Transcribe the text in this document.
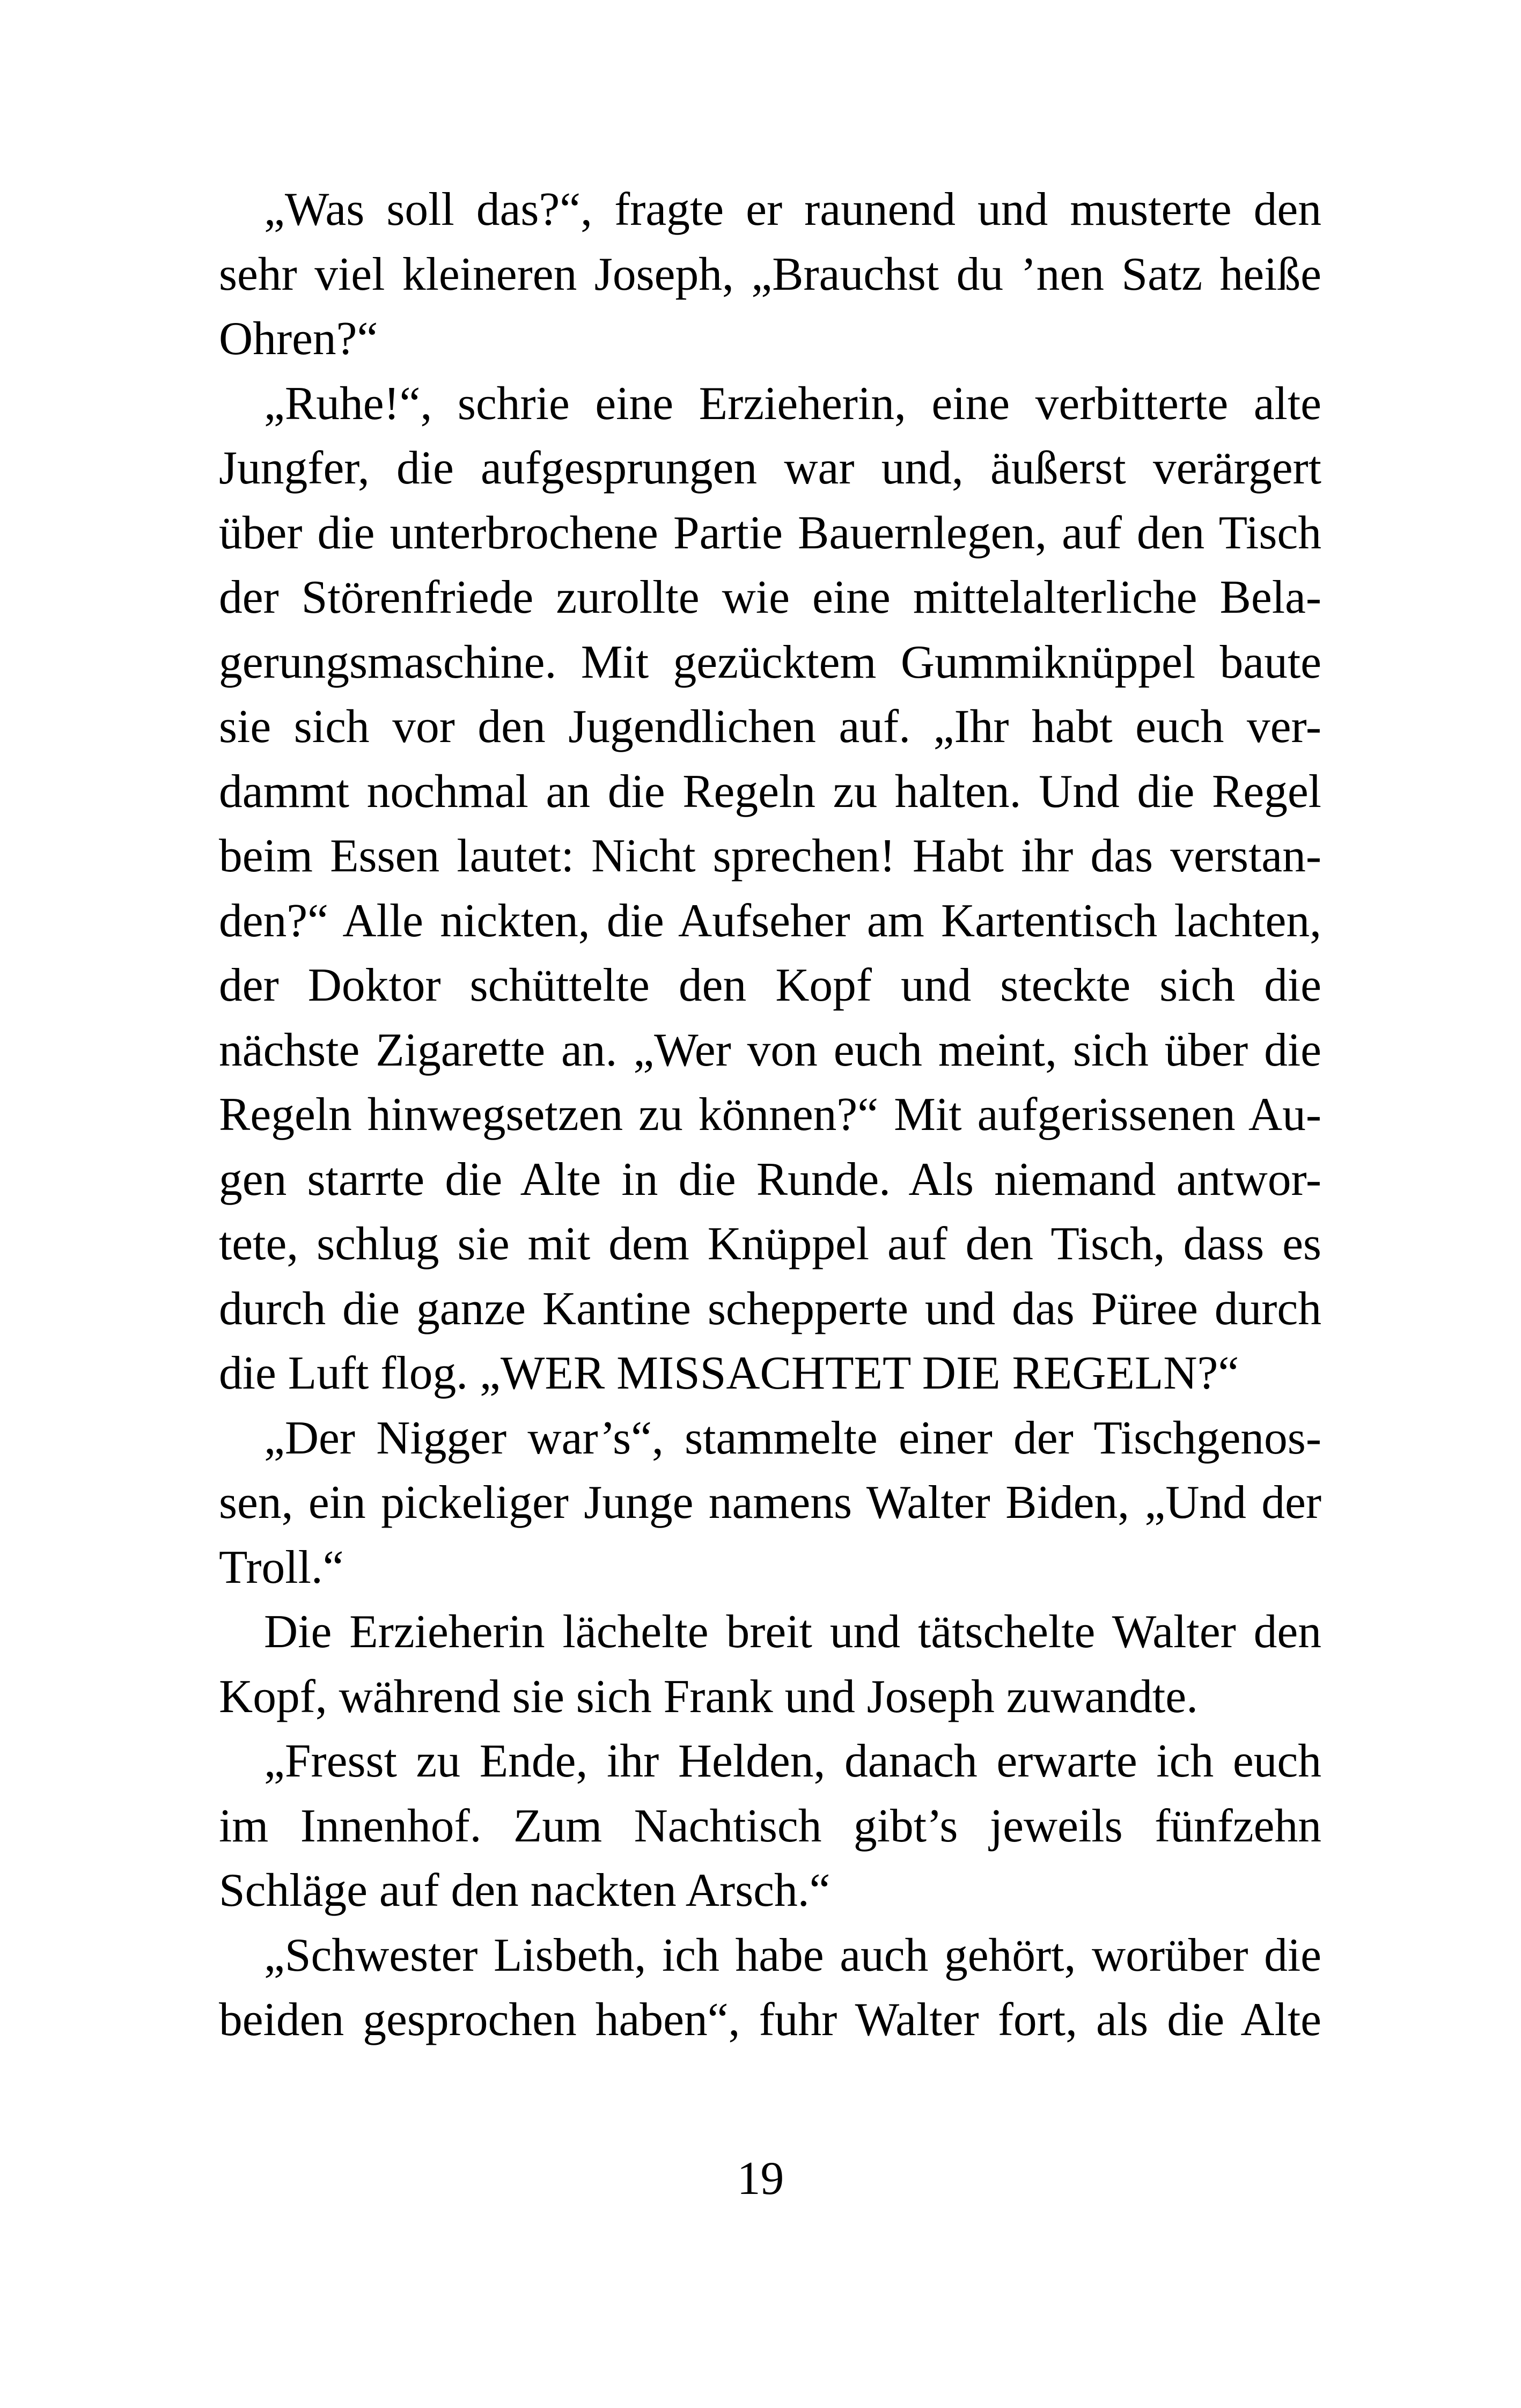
„Was soll das?“, fragte er raunend und musterte den
sehr viel kleineren Joseph, „Brauchst du ’nen Satz heiße
Ohren?“
„Ruhe!“, schrie eine Erzieherin, eine verbitterte alte
Jungfer, die aufgesprungen war und, äußerst verärgert
über die unterbrochene Partie Bauernlegen, auf den Tisch
der Störenfriede zurollte wie eine mittelalterliche Bela-
gerungsmaschine. Mit gezücktem Gummiknüppel baute
sie sich vor den Jugendlichen auf. „Ihr habt euch ver-
dammt nochmal an die Regeln zu halten. Und die Regel
beim Essen lautet: Nicht sprechen! Habt ihr das verstan-
den?“ Alle nickten, die Aufseher am Kartentisch lachten,
der Doktor schüttelte den Kopf und steckte sich die
nächste Zigarette an. „Wer von euch meint, sich über die
Regeln hinwegsetzen zu können?“ Mit aufgerissenen Au-
gen starrte die Alte in die Runde. Als niemand antwor-
tete, schlug sie mit dem Knüppel auf den Tisch, dass es
durch die ganze Kantine schepperte und das Püree durch
die Luft flog. „WER MISSACHTET DIE REGELN?“
„Der Nigger war’s“, stammelte einer der Tischgenos-
sen, ein pickeliger Junge namens Walter Biden, „Und der
Troll.“
Die Erzieherin lächelte breit und tätschelte Walter den
Kopf, während sie sich Frank und Joseph zuwandte.
„Fresst zu Ende, ihr Helden, danach erwarte ich euch
im Innenhof. Zum Nachtisch gibt’s jeweils fünfzehn
Schläge auf den nackten Arsch.“
„Schwester Lisbeth, ich habe auch gehört, worüber die
beiden gesprochen haben“, fuhr Walter fort, als die Alte
19
